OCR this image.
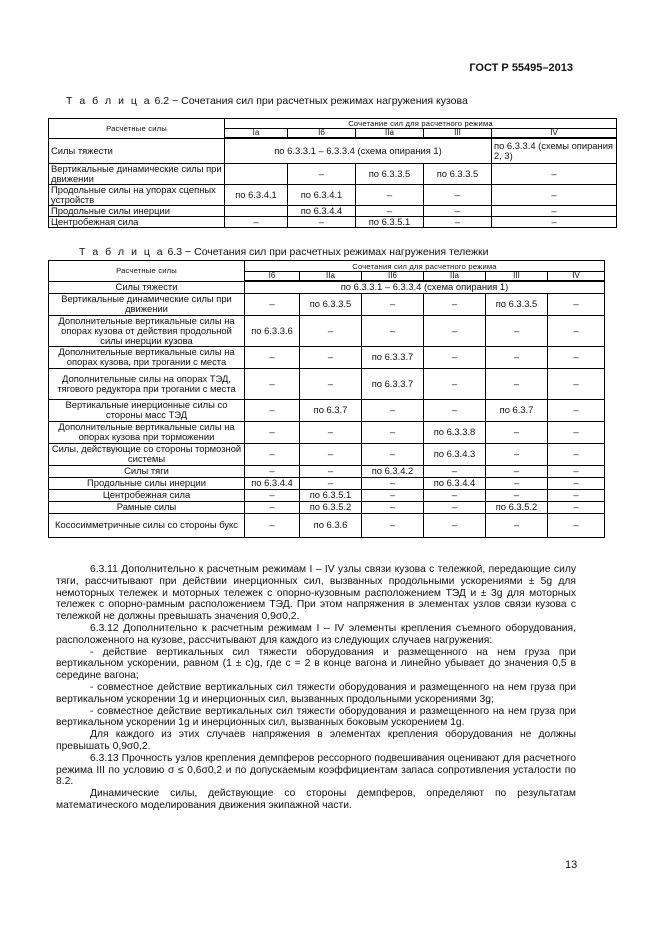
ГОСТ Р 55495–2013
Т а б л и ц а 6.2 − Сочетания сил при расчетных режимах нагружения кузова
Расчетные силы	Сочетание сил для расчетного режима				
	Iа	I6	IIа	III	IV
Силы тяжести	по 6.3.3.1 – 6.3.3.4 (схема опирания 1)				по 6.3.3.4 (схемы опирания 2, 3)
Вертикальные динамические силы при движении		–	по 6.3.3.5	по 6.3.3.5	–
Продольные силы на упорах сцепных устройств	по 6.3.4.1	по 6.3.4.1	–	–	–
Продольные силы инерции		по 6.3.4.4	–	–	–
Центробежная сила	–	–	по 6.3.5.1	–	–
Т а б л и ц а 6.3 − Сочетания сил при расчетных режимах нагружения тележки
Расчетные силы	Сочетания сил для расчетного режима					
	I6	IIа	II6	IIа	III	IV
Силы тяжести	по 6.3.3.1 – 6.3.3.4 (схема опирания 1)					
Вертикальные динамические силы при движении	–	по 6.3.3.5	–	–	по 6.3.3.5	–
Дополнительные вертикальные силы на опорах кузова от действия продольной силы инерции кузова	по 6.3.3.6	–	–	–	–	–
Дополнительные вертикальные силы на опорах кузова, при трогании с места	–	–	по 6.3.3.7	–	–	–
Дополнительные силы на опорах ТЭД, тягового редуктора при трогании с места	–	–	по 6.3.3.7	–	–	–
Вертикальные инерционные силы со стороны масс ТЭД	–	по 6.3.7	–	–	по 6.3.7	–
Дополнительные вертикальные силы на опорах кузова при торможении	–	–	–	по 6.3.3.8	–	–
Силы, действующие со стороны тормозной системы	–	–	–	по 6.3.4.3	–	–
Силы тяги	–	–	по 6.3.4.2	–	–	–
Продольные силы инерции	по 6.3.4.4	–	–	по 6.3.4.4	–	–
Центробежная сила	–	по 6.3.5.1	–	–	–	–
Рамные силы	–	по 6.3.5.2	–	–	по 6.3.5.2	–
Кососимметричные силы со стороны букс	–	по 6.3.6	–	–	–	–

6.3.11 Дополнительно к расчетным режимам I – IV узлы связи кузова с тележкой, передающие силу тяги, рассчитывают при действии инерционных сил, вызванных продольными ускорениями ± 5g для немоторных тележек и моторных тележек с опорно-кузовным расположением ТЭД и ± 3g для моторных тележек с опорно-рамным расположением ТЭД. При этом напряжения в элементах узлов связи кузова с тележкой не должны превышать значения 0,9σ0,2.

6.3.12 Дополнительно к расчетным режимам I – IV элементы крепления съемного оборудования, расположенного на кузове, рассчитывают для каждого из следующих случаев нагружения:

- действие вертикальных сил тяжести оборудования и размещенного на нем груза при вертикальном ускорении, равном (1 ± c)g, где c = 2 в конце вагона и линейно убывает до значения 0,5 в середине вагона;

- совместное действие вертикальных сил тяжести оборудования и размещенного на нем груза при вертикальном ускорении 1g и инерционных сил, вызванных продольными ускорениями 3g;

- совместное действие вертикальных сил тяжести оборудования и размещенного на нем груза при вертикальном ускорении 1g и инерционных сил, вызванных боковым ускорением 1g.

Для каждого из этих случаев напряжения в элементах крепления оборудования не должны превышать 0,9σ0,2.

6.3.13 Прочность узлов крепления демпферов рессорного подвешивания оценивают для расчетного режима III по условию σ ≤ 0,6σ0,2 и по допускаемым коэффициентам запаса сопротивления усталости по 8.2.

Динамические силы, действующие со стороны демпферов, определяют по результатам математического моделирования движения экипажной части.

13
